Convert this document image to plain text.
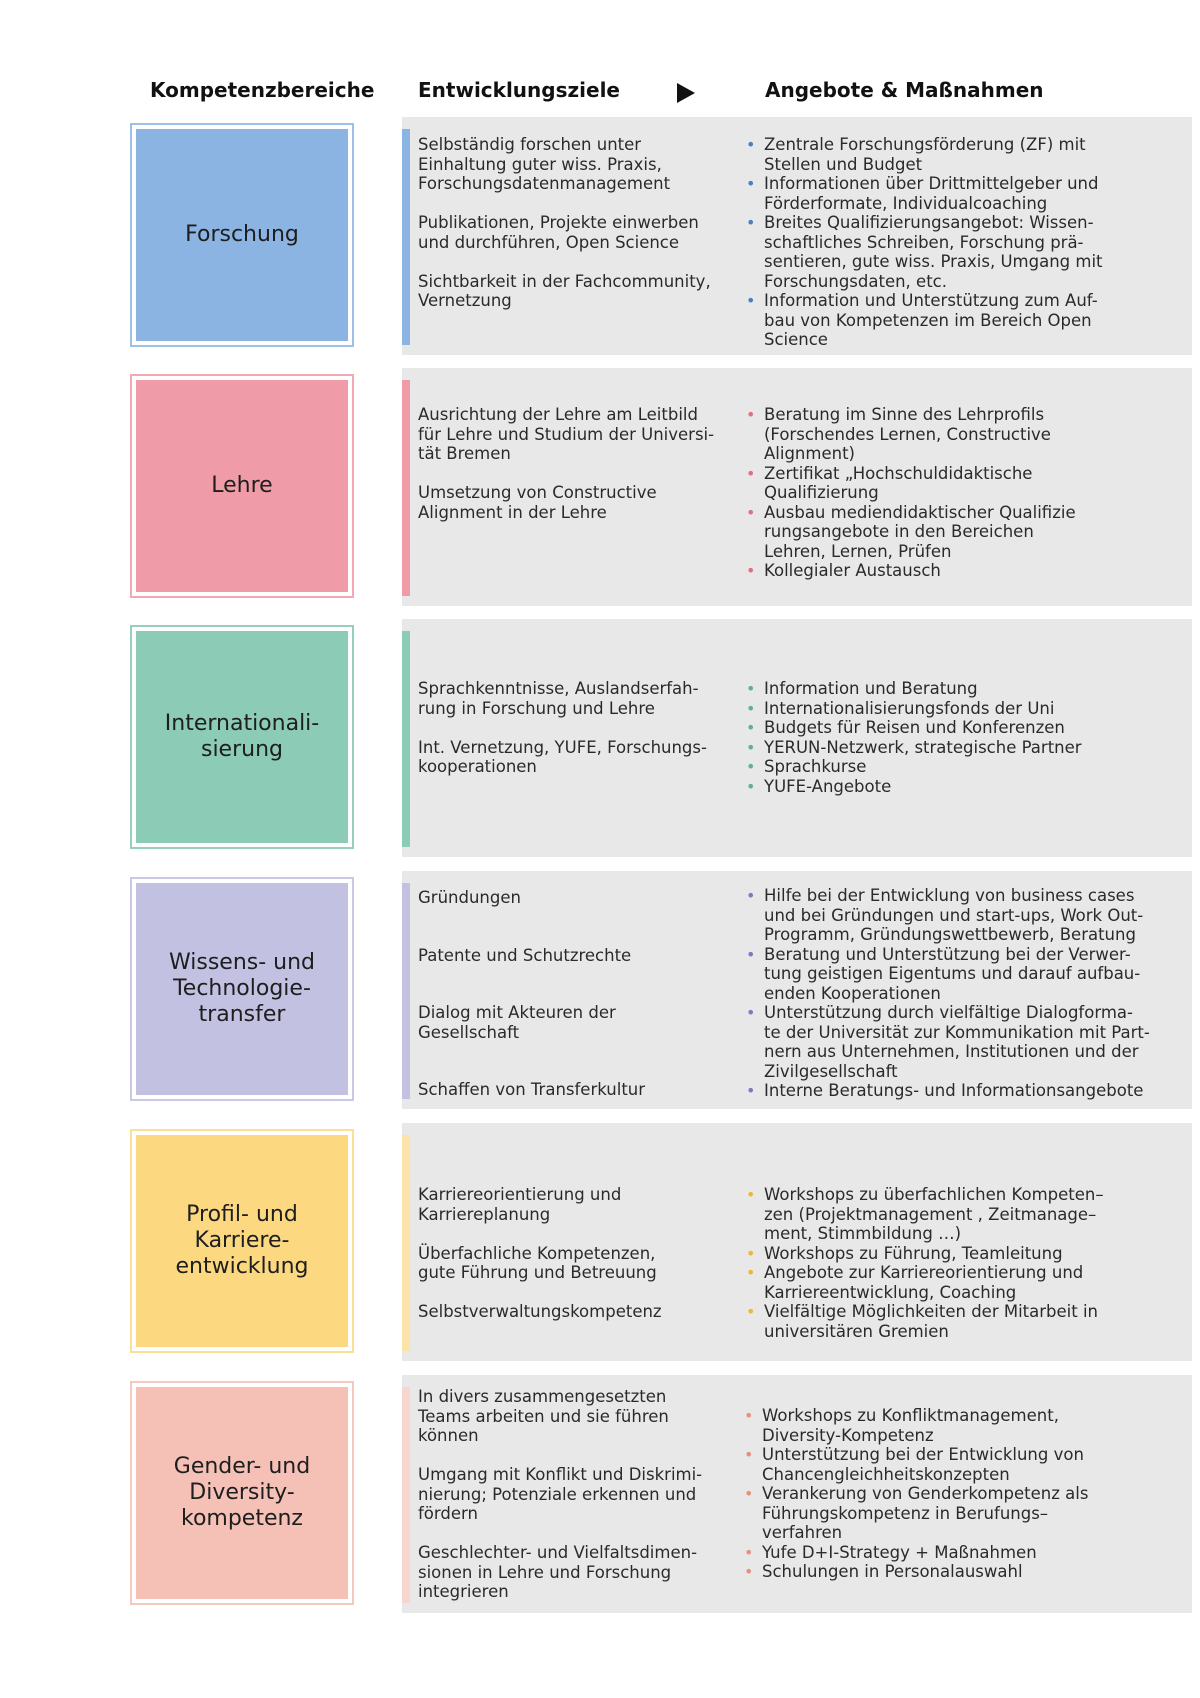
Kompetenzbereiche Entwicklungsziele	Angebote & Maßnahmen
Forschung
Selbständig forschen unter
Einhaltung guter wiss. Praxis,
Forschungsdatenmanagement
Publikationen, Projekte einwerben
und durchführen, Open Science
Sichtbarkeit in der Fachcommunity,
Vernetzung
• Zentrale Forschungsförderung (ZF) mit
Stellen und Budget
• Informationen über Drittmittelgeber und
Förderformate, Individualcoaching
• Breites Qualifizierungsangebot: Wissen-
schaftliches Schreiben, Forschung prä-
sentieren, gute wiss. Praxis, Umgang mit
Forschungsdaten, etc.
• Information und Unterstützung zum Auf-
bau von Kompetenzen im Bereich Open
Science
Lehre
Ausrichtung der Lehre am Leitbild
für Lehre und Studium der Universi-
tät Bremen
Umsetzung von Constructive
Alignment in der Lehre
• Beratung im Sinne des Lehrprofils
(Forschendes Lernen, Constructive
Alignment)
• Zertifikat „Hochschuldidaktische
Qualifizierung
• Ausbau mediendidaktischer Qualifizie
rungsangebote in den Bereichen
Lehren, Lernen, Prüfen
• Kollegialer Austausch
Internationali-
sierung
Sprachkenntnisse, Auslandserfah-
rung in Forschung und Lehre
Int. Vernetzung, YUFE, Forschungs-
kooperationen
• Information und Beratung
• Internationalisierungsfonds der Uni
• Budgets für Reisen und Konferenzen
• YERUN-Netzwerk, strategische Partner
• Sprachkurse
• YUFE-Angebote
Wissens- und
Technologie-
transfer
Gründungen
Patente und Schutzrechte
Dialog mit Akteuren der
Gesellschaft
Schaffen von Transferkultur
• Hilfe bei der Entwicklung von business cases
und bei Gründungen und start-ups, Work Out-
Programm, Gründungswettbewerb, Beratung
• Beratung und Unterstützung bei der Verwer-
tung geistigen Eigentums und darauf aufbau-
enden Kooperationen
• Unterstützung durch vielfältige Dialogforma-
te der Universität zur Kommunikation mit Part-
nern aus Unternehmen, Institutionen und der
Zivilgesellschaft
• Interne Beratungs- und Informationsangebote
Profil- und
Karriere-
entwicklung
Karriereorientierung und
Karriereplanung
Überfachliche Kompetenzen,
gute Führung und Betreuung
Selbstverwaltungskompetenz
• Workshops zu überfachlichen Kompeten–
zen (Projektmanagement , Zeitmanage–
ment, Stimmbildung …)
• Workshops zu Führung, Teamleitung
• Angebote zur Karriereorientierung und
Karriereentwicklung, Coaching
• Vielfältige Möglichkeiten der Mitarbeit in
universitären Gremien
Gender- und
Diversity-
kompetenz
In divers zusammengesetzten
Teams arbeiten und sie führen
können
Umgang mit Konflikt und Diskrimi-
nierung; Potenziale erkennen und
fördern
Geschlechter- und Vielfaltsdimen-
sionen in Lehre und Forschung
integrieren
• Workshops zu Konfliktmanagement,
Diversity-Kompetenz
• Unterstützung bei der Entwicklung von
Chancengleichheitskonzepten
• Verankerung von Genderkompetenz als
Führungskompetenz in Berufungs–
verfahren
• Yufe D+I-Strategy + Maßnahmen
• Schulungen in Personalauswahl
